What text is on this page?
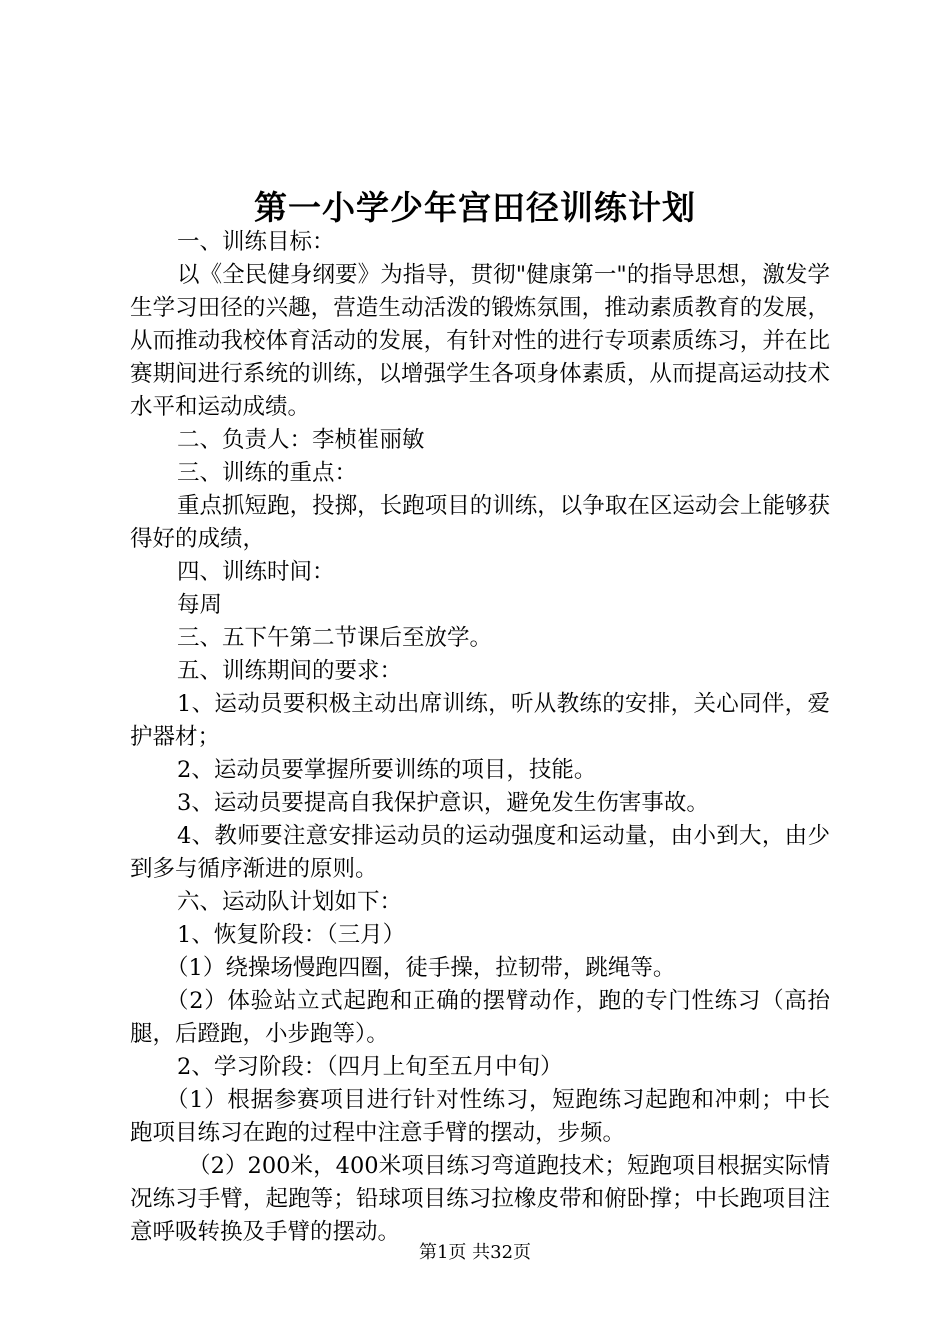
第一小学少年宫田径训练计划

一、训练目标：

以《全民健身纲要》为指导，贯彻"健康第一"的指导思想，激发学生学习田径的兴趣，营造生动活泼的锻炼氛围，推动素质教育的发展，从而推动我校体育活动的发展，有针对性的进行专项素质练习，并在比赛期间进行系统的训练，以增强学生各项身体素质，从而提高运动技术水平和运动成绩。

二、负责人：李桢崔丽敏

三、训练的重点：

重点抓短跑，投掷，长跑项目的训练，以争取在区运动会上能够获得好的成绩，

四、训练时间：

每周

三、五下午第二节课后至放学。

五、训练期间的要求：

1、运动员要积极主动出席训练，听从教练的安排，关心同伴，爱护器材；

2、运动员要掌握所要训练的项目，技能。

3、运动员要提高自我保护意识，避免发生伤害事故。

4、教师要注意安排运动员的运动强度和运动量，由小到大，由少到多与循序渐进的原则。

六、运动队计划如下：

1、恢复阶段：（三月）

（1）绕操场慢跑四圈，徒手操，拉韧带，跳绳等。

（2）体验站立式起跑和正确的摆臂动作，跑的专门性练习（高抬腿，后蹬跑，小步跑等）。

2、学习阶段：（四月上旬至五月中旬）

（1）根据参赛项目进行针对性练习，短跑练习起跑和冲刺；中长跑项目练习在跑的过程中注意手臂的摆动，步频。

（2）200米，400米项目练习弯道跑技术；短跑项目根据实际情况练习手臂，起跑等；铅球项目练习拉橡皮带和俯卧撑；中长跑项目注意呼吸转换及手臂的摆动。

第1页 共32页
